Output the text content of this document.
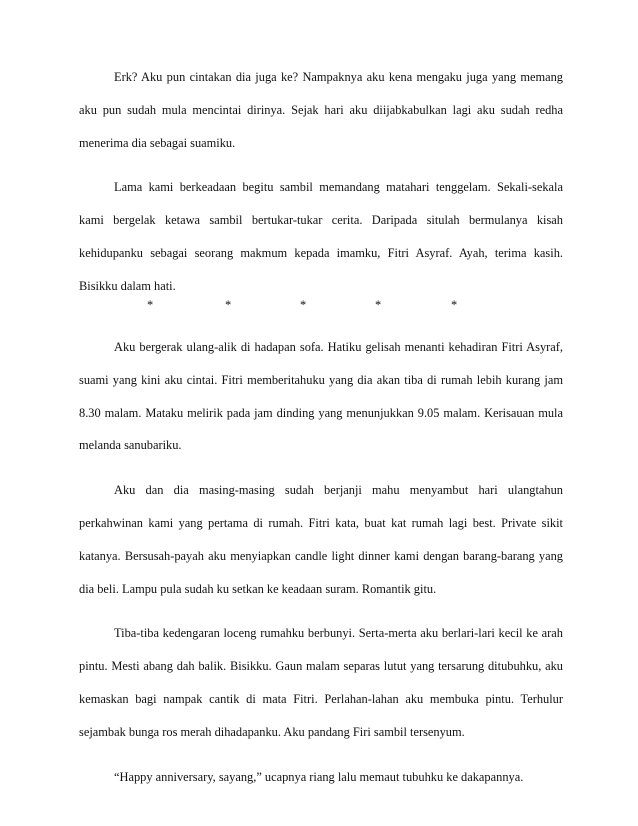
Erk? Aku pun cintakan dia juga ke? Nampaknya aku kena mengaku juga yang memang aku pun sudah mula mencintai dirinya. Sejak hari aku diijabkabulkan lagi aku sudah redha menerima dia sebagai suamiku.

Lama kami berkeadaan begitu sambil memandang matahari tenggelam. Sekali-sekala kami bergelak ketawa sambil bertukar-tukar cerita. Daripada situlah bermulanya kisah kehidupanku sebagai seorang makmum kepada imamku, Fitri Asyraf. Ayah, terima kasih. Bisikku dalam hati.

*	*	*	*	*

Aku bergerak ulang-alik di hadapan sofa. Hatiku gelisah menanti kehadiran Fitri Asyraf, suami yang kini aku cintai. Fitri memberitahuku yang dia akan tiba di rumah lebih kurang jam 8.30 malam. Mataku melirik pada jam dinding yang menunjukkan 9.05 malam. Kerisauan mula melanda sanubariku.

Aku dan dia masing-masing sudah berjanji mahu menyambut hari ulangtahun perkahwinan kami yang pertama di rumah. Fitri kata, buat kat rumah lagi best. Private sikit katanya. Bersusah-payah aku menyiapkan candle light dinner kami dengan barang-barang yang dia beli. Lampu pula sudah ku setkan ke keadaan suram. Romantik gitu.

Tiba-tiba kedengaran loceng rumahku berbunyi. Serta-merta aku berlari-lari kecil ke arah pintu. Mesti abang dah balik. Bisikku. Gaun malam separas lutut yang tersarung ditubuhku, aku kemaskan bagi nampak cantik di mata Fitri. Perlahan-lahan aku membuka pintu. Terhulur sejambak bunga ros merah dihadapanku. Aku pandang Firi sambil tersenyum.

“Happy anniversary, sayang,” ucapnya riang lalu memaut tubuhku ke dakapannya.
